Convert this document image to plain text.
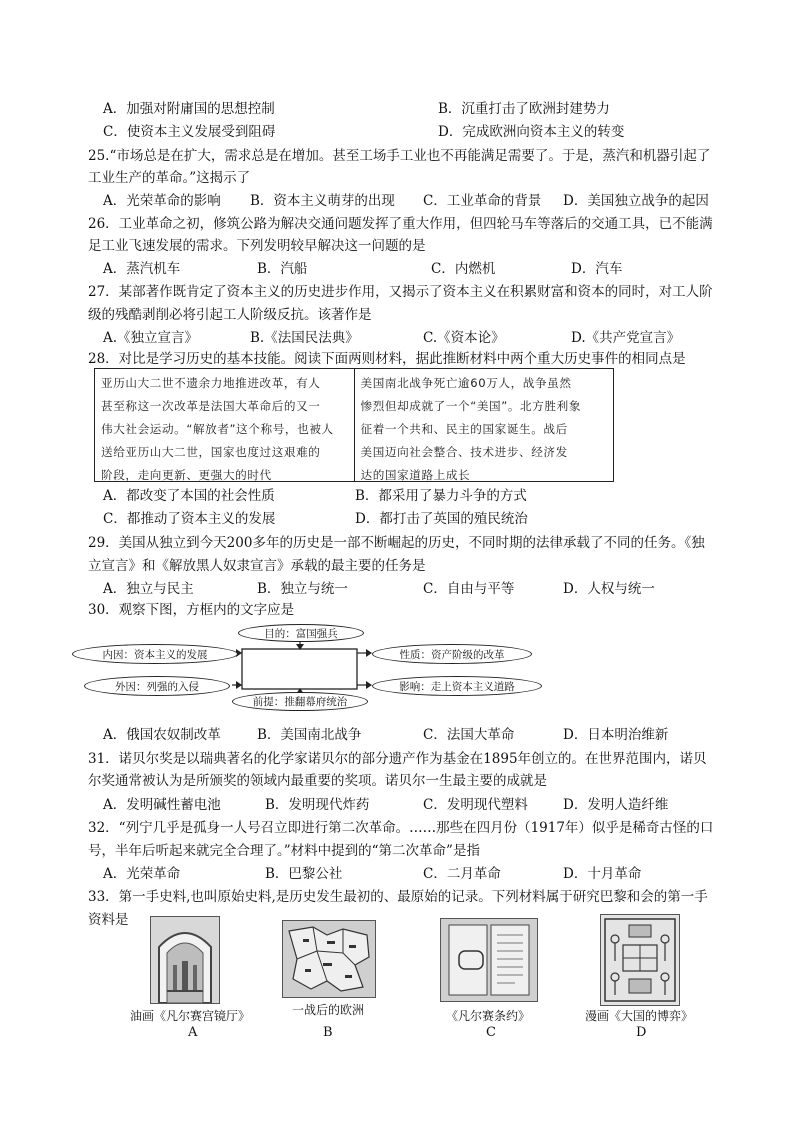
A．加强对附庸国的思想控制	B．沉重打击了欧洲封建势力
C．使资本主义发展受到阻碍	D．完成欧洲向资本主义的转变
25.“市场总是在扩大，需求总是在增加。甚至工场手工业也不再能满足需要了。于是，蒸汽和机器引起了
工业生产的革命。”这揭示了
A．光荣革命的影响 B．资本主义萌芽的出现 C．工业革命的背景 D．美国独立战争的起因
26．工业革命之初，修筑公路为解决交通问题发挥了重大作用，但四轮马车等落后的交通工具，已不能满
足工业飞速发展的需求。下列发明较早解决这一问题的是
A．蒸汽机车	B．汽船	C．内燃机	D．汽车
27．某部著作既肯定了资本主义的历史进步作用，又揭示了资本主义在积累财富和资本的同时，对工人阶
级的残酷剥削必将引起工人阶级反抗。该著作是
A.《独立宣言》	B.《法国民法典》	C.《资本论》	D.《共产党宣言》
28．对比是学习历史的基本技能。阅读下面两则材料，据此推断材料中两个重大历史事件的相同点是
亚历山大二世不遗余力地推进改革，有人
甚至称这一次改革是法国大革命后的又一
伟大社会运动。“解放者”这个称号，也被人
送给亚历山大二世，国家也度过这艰难的
阶段，走向更新、更强大的时代
美国南北战争死亡逾60万人，战争虽然
惨烈但却成就了一个“美国”。北方胜利象
征着一个共和、民主的国家诞生。战后
美国迈向社会整合、技术进步、经济发
达的国家道路上成长
A．都改变了本国的社会性质	B．都采用了暴力斗争的方式
C．都推动了资本主义的发展	D．都打击了英国的殖民统治
29．美国从独立到今天200多年的历史是一部不断崛起的历史，不同时期的法律承载了不同的任务。《独
立宣言》和《解放黑人奴隶宣言》承载的最主要的任务是
A．独立与民主	B．独立与统一	C．自由与平等	D．人权与统一
30．观察下图，方框内的文字应是
目的：富国强兵
内因：资本主义的发展
外因：列强的入侵
性质：资产阶级的改革
影响：走上资本主义道路
前提：推翻幕府统治
A．俄国农奴制改革	B．美国南北战争	C．法国大革命	D．日本明治维新
31．诺贝尔奖是以瑞典著名的化学家诺贝尔的部分遗产作为基金在1895年创立的。在世界范围内，诺贝
尔奖通常被认为是所颁奖的领域内最重要的奖项。诺贝尔一生最主要的成就是
A．发明碱性蓄电池	B．发明现代炸药	C．发明现代塑料	D．发明人造纤维
32．“列宁几乎是孤身一人号召立即进行第二次革命。……那些在四月份（1917年）似乎是稀奇古怪的口
号，半年后听起来就完全合理了。”材料中提到的“第二次革命”是指
A．光荣革命	B．巴黎公社	C．二月革命	D．十月革命
33．第一手史料,也叫原始史料,是历史发生最初的、最原始的记录。下列材料属于研究巴黎和会的第一手
资料是
油画《凡尔赛宫镜厅》
A
一战后的欧洲
B
《凡尔赛条约》
C
漫画《大国的博弈》
D
